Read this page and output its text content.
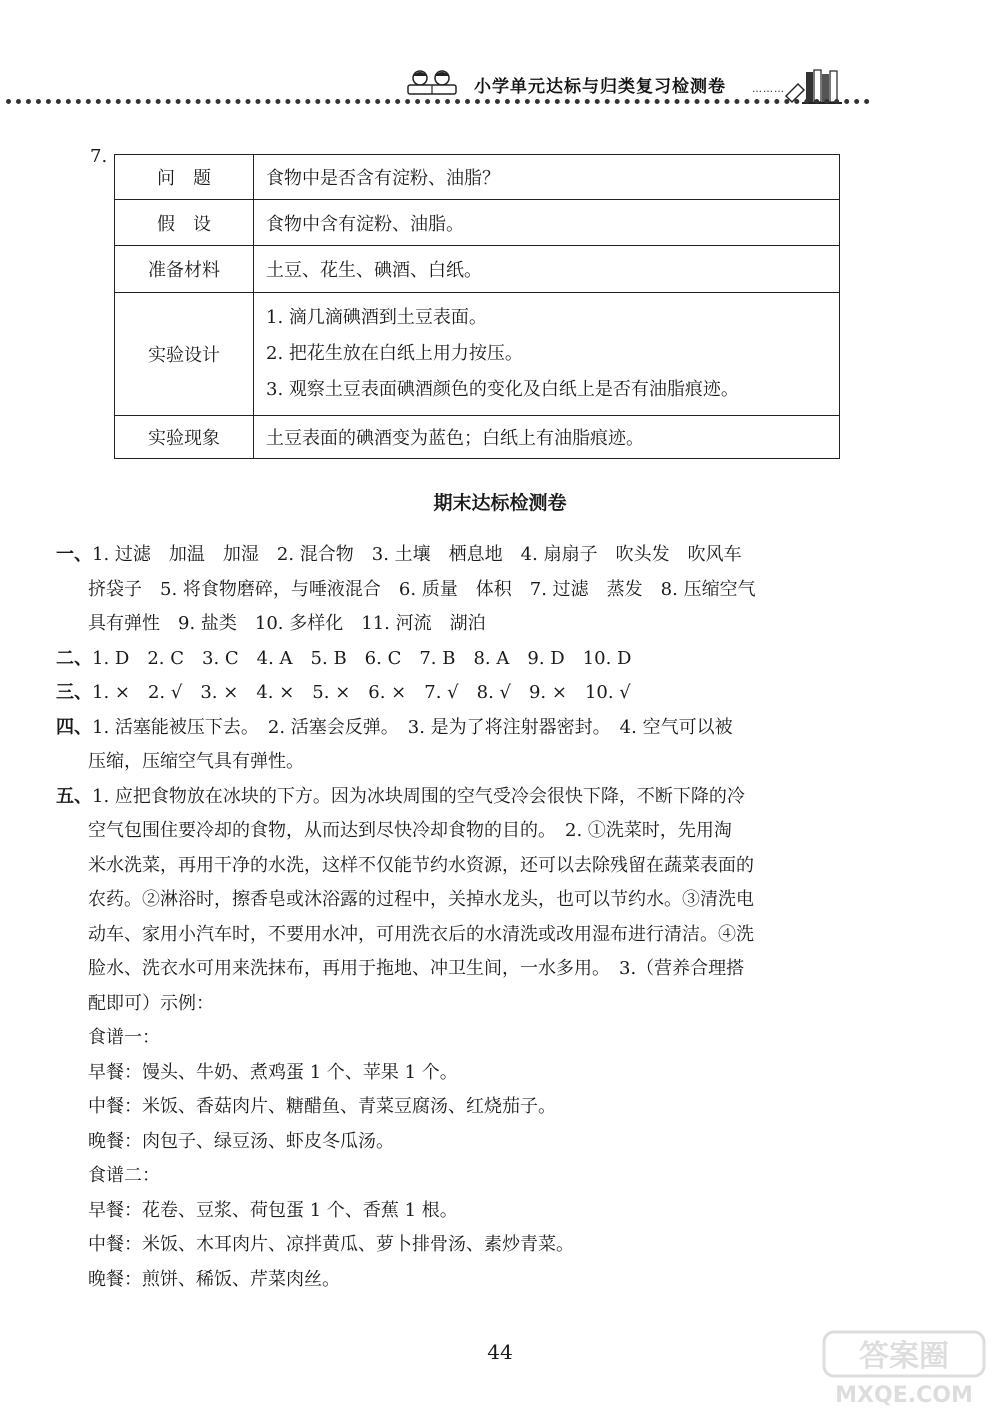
小学单元达标与归类复习检测卷	………
7.
问　题	食物中是否含有淀粉、油脂？
假　设	食物中含有淀粉、油脂。
准备材料	土豆、花生、碘酒、白纸。
实验设计	1. 滴几滴碘酒到土豆表面。
2. 把花生放在白纸上用力按压。
3. 观察土豆表面碘酒颜色的变化及白纸上是否有油脂痕迹。

实验现象	土豆表面的碘酒变为蓝色；白纸上有油脂痕迹。
期末达标检测卷
一、1. 过滤　加温　加湿　2. 混合物　3. 土壤　栖息地　4. 扇扇子　吹头发　吹风车
挤袋子　5. 将食物磨碎，与唾液混合　6. 质量　体积　7. 过滤　蒸发　8. 压缩空气
具有弹性　9. 盐类　10. 多样化　11. 河流　湖泊
二、1. D　2. C　3. C　4. A　5. B　6. C　7. B　8. A　9. D　10. D
三、1. ×　2. √　3. ×　4. ×　5. ×　6. ×　7. √　8. √　9. ×　10. √
四、1. 活塞能被压下去。　2. 活塞会反弹。　3. 是为了将注射器密封。　4. 空气可以被
压缩，压缩空气具有弹性。
五、1. 应把食物放在冰块的下方。因为冰块周围的空气受冷会很快下降，不断下降的冷
空气包围住要冷却的食物，从而达到尽快冷却食物的目的。　2. ①洗菜时，先用淘
米水洗菜，再用干净的水洗，这样不仅能节约水资源，还可以去除残留在蔬菜表面的
农药。②淋浴时，擦香皂或沐浴露的过程中，关掉水龙头，也可以节约水。③清洗电
动车、家用小汽车时，不要用水冲，可用洗衣后的水清洗或改用湿布进行清洁。④洗
脸水、洗衣水可用来洗抹布，再用于拖地、冲卫生间，一水多用。　3.（营养合理搭
配即可）示例：
食谱一：
早餐：馒头、牛奶、煮鸡蛋 1 个、苹果 1 个。
中餐：米饭、香菇肉片、糖醋鱼、青菜豆腐汤、红烧茄子。
晚餐：肉包子、绿豆汤、虾皮冬瓜汤。
食谱二：
早餐：花卷、豆浆、荷包蛋 1 个、香蕉 1 根。
中餐：米饭、木耳肉片、凉拌黄瓜、萝卜排骨汤、素炒青菜。
晚餐：煎饼、稀饭、芹菜肉丝。
44	答案圈
MXQE.COM
